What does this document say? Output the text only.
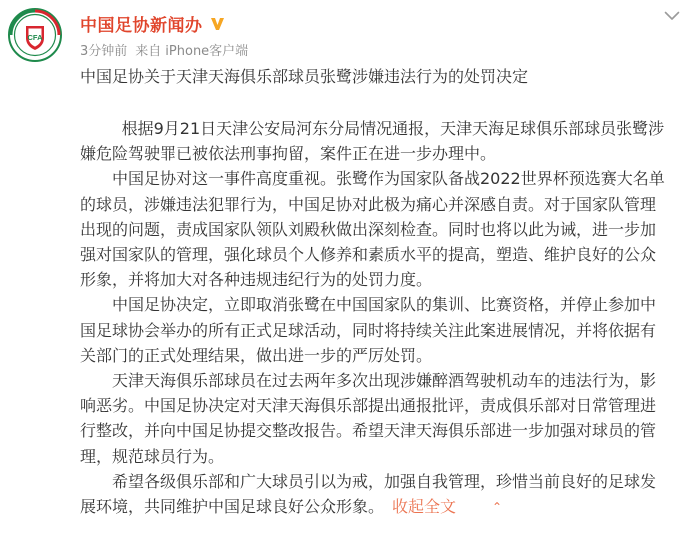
CFA
中国足协新闻办
3分钟前 来自 iPhone客户端
中国足协关于天津天海俱乐部球员张鹭涉嫌违法行为的处罚决定

根据9月21日天津公安局河东分局情况通报，天津天海足球俱乐部球员张鹭涉嫌危险驾驶罪已被依法刑事拘留，案件正在进一步办理中。

中国足协对这一事件高度重视。张鹭作为国家队备战2022世界杯预选赛大名单的球员，涉嫌违法犯罪行为，中国足协对此极为痛心并深感自责。对于国家队管理出现的问题，责成国家队领队刘殿秋做出深刻检查。同时也将以此为诫，进一步加强对国家队的管理，强化球员个人修养和素质水平的提高，塑造、维护良好的公众形象，并将加大对各种违规违纪行为的处罚力度。

中国足协决定，立即取消张鹭在中国国家队的集训、比赛资格，并停止参加中国足球协会举办的所有正式足球活动，同时将持续关注此案进展情况，并将依据有关部门的正式处理结果，做出进一步的严厉处罚。

天津天海俱乐部球员在过去两年多次出现涉嫌醉酒驾驶机动车的违法行为，影响恶劣。中国足协决定对天津天海俱乐部提出通报批评，责成俱乐部对日常管理进行整改，并向中国足协提交整改报告。希望天津天海俱乐部进一步加强对球员的管理，规范球员行为。

希望各级俱乐部和广大球员引以为戒，加强自我管理，珍惜当前良好的足球发展环境，共同维护中国足球良好公众形象。 收起全文	⌃
